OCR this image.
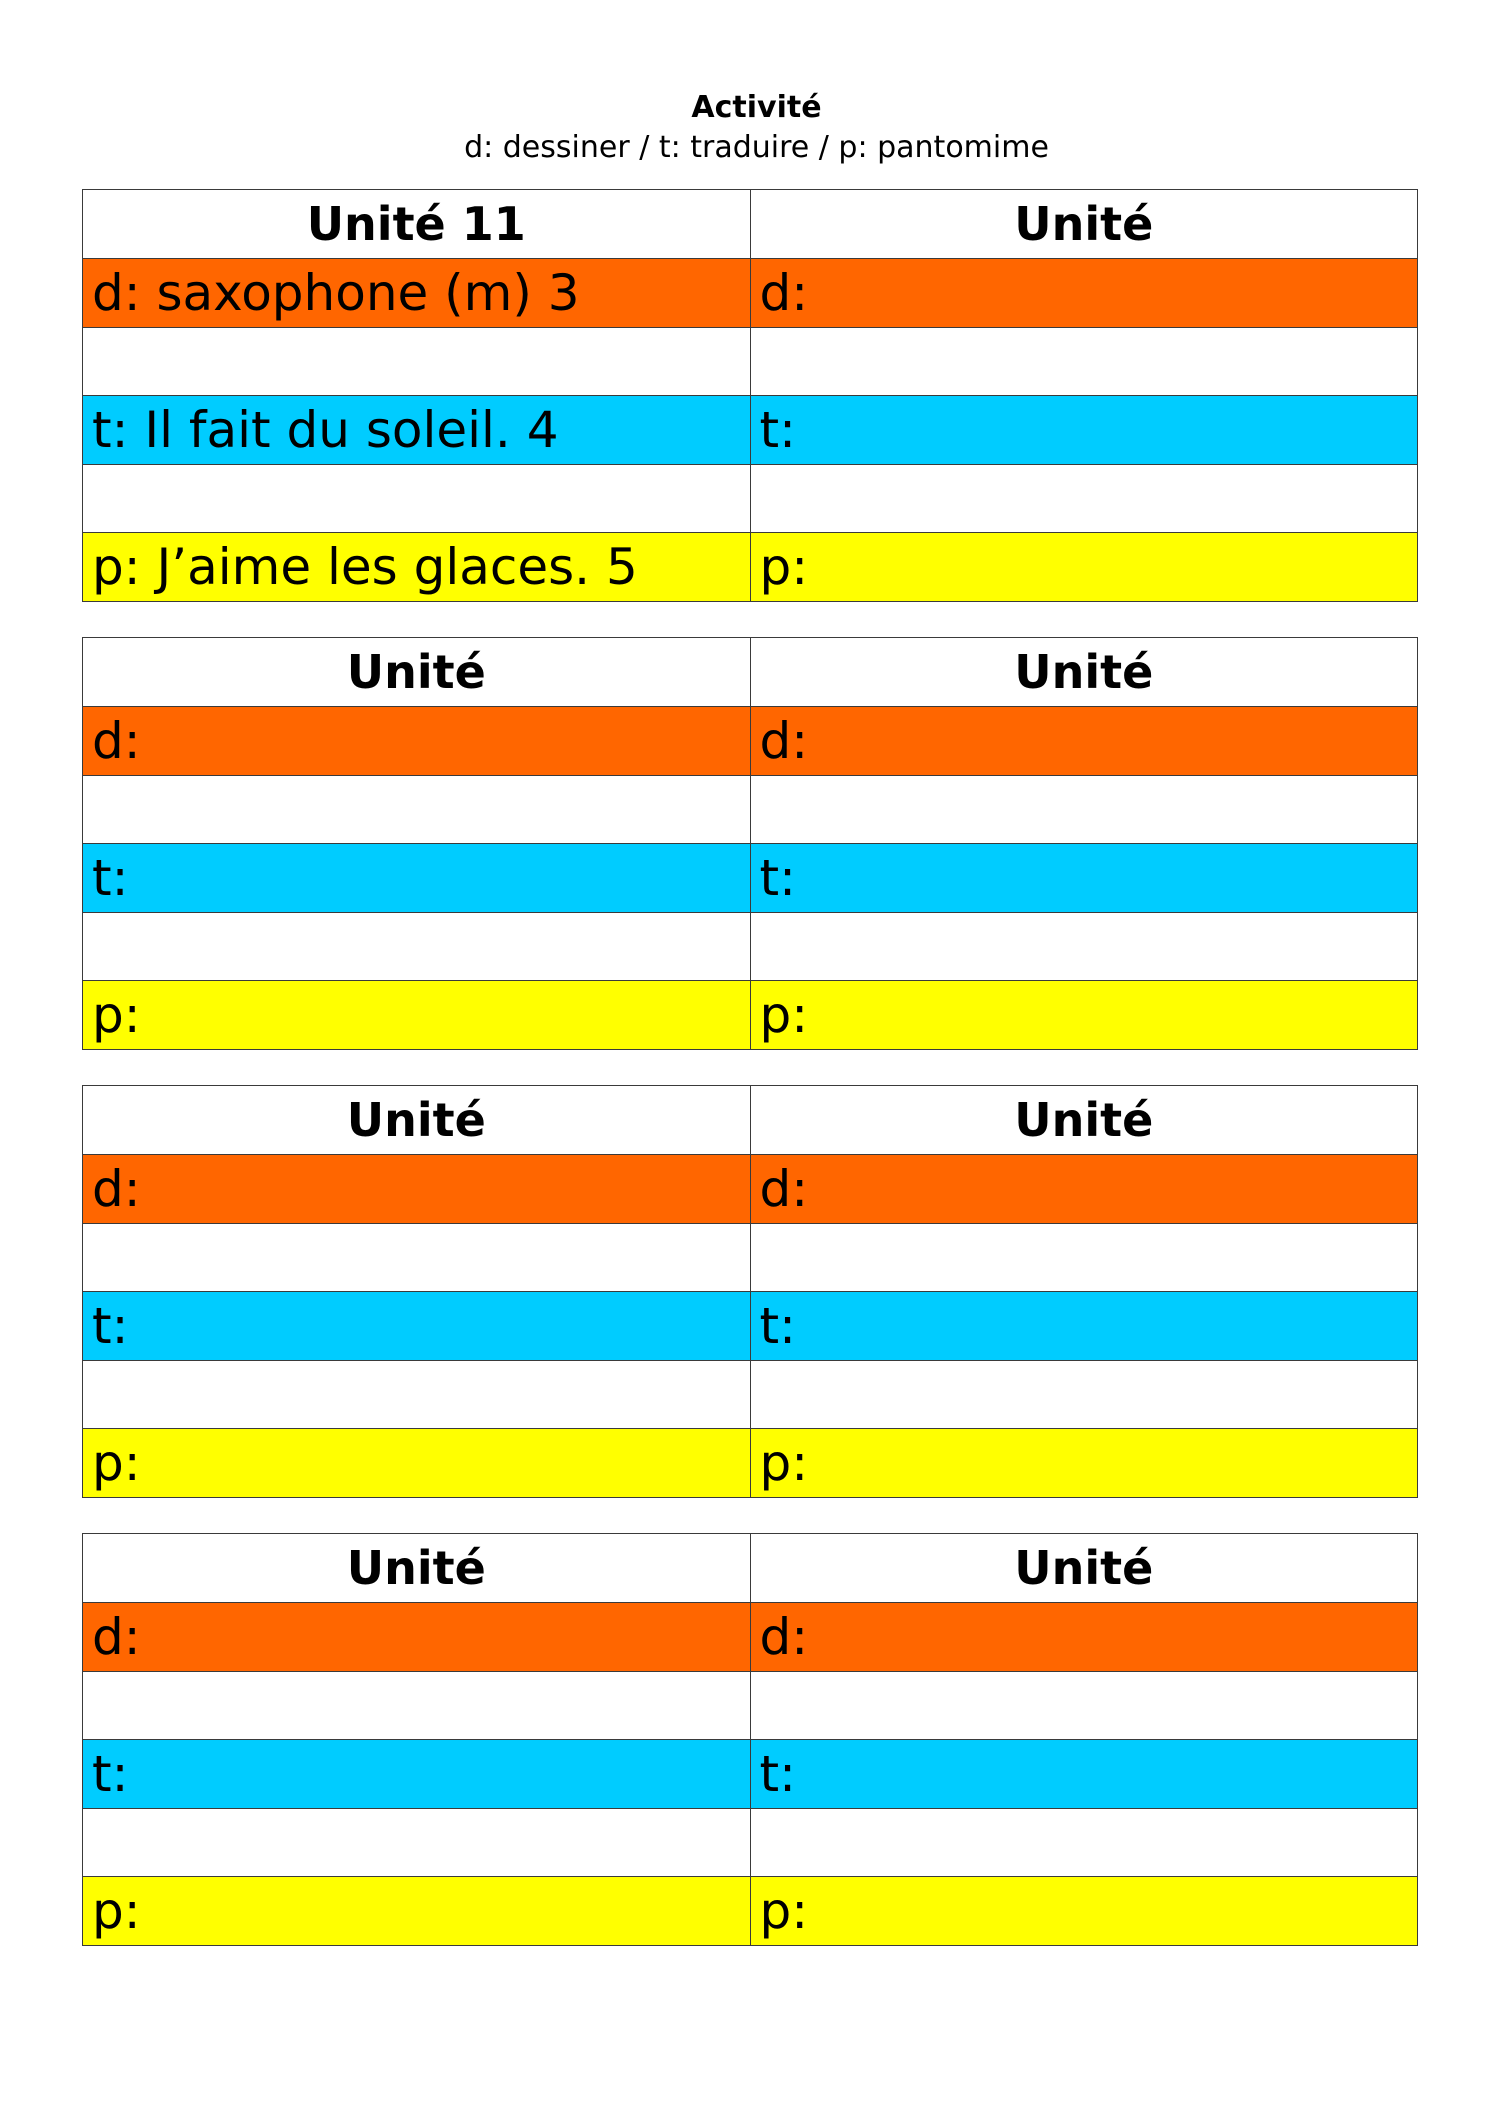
Activité
d: dessiner / t: traduire / p: pantomime
Unité 11	Unité
d: saxophone (m) 3	d:

t: Il fait du soleil. 4	t:

p: J’aime les glaces. 5	p:
Unité	Unité
d:	d:

t:	t:

p:	p:
Unité	Unité
d:	d:

t:	t:

p:	p:
Unité	Unité
d:	d:

t:	t:

p:	p:
